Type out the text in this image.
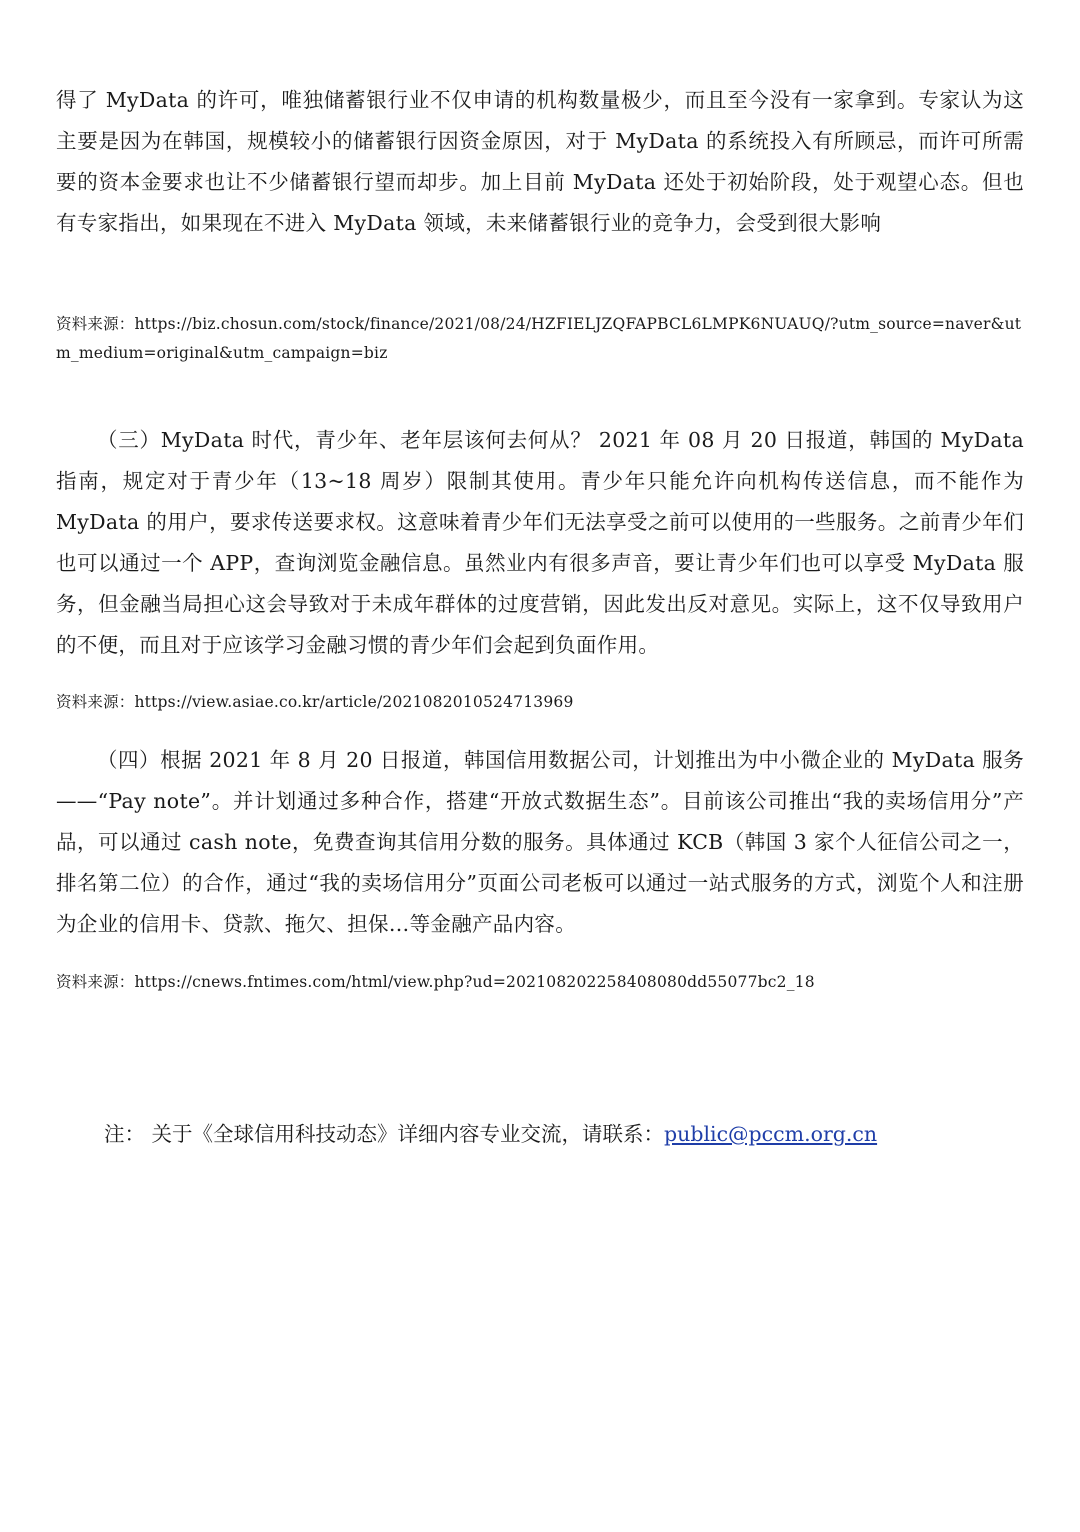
得了 MyData 的许可，唯独储蓄银行业不仅申请的机构数量极少，而且至今没有一家拿到。专家认为这主要是因为在韩国，规模较小的储蓄银行因资金原因，对于 MyData 的系统投入有所顾忌，而许可所需要的资本金要求也让不少储蓄银行望而却步。加上目前 MyData 还处于初始阶段，处于观望心态。但也有专家指出，如果现在不进入 MyData 领域，未来储蓄银行业的竞争力，会受到很大影响

资料来源：https://biz.chosun.com/stock/finance/2021/08/24/HZFIELJZQFAPBCL6LMPK6NUAUQ/?utm_source=naver&utm_medium=original&utm_campaign=biz

（三）MyData 时代，青少年、老年层该何去何从？ 2021 年 08 月 20 日报道，韩国的 MyData 指南，规定对于青少年（13~18 周岁）限制其使用。青少年只能允许向机构传送信息，而不能作为 MyData 的用户，要求传送要求权。这意味着青少年们无法享受之前可以使用的一些服务。之前青少年们也可以通过一个 APP，查询浏览金融信息。虽然业内有很多声音，要让青少年们也可以享受 MyData 服务，但金融当局担心这会导致对于未成年群体的过度营销，因此发出反对意见。实际上，这不仅导致用户的不便，而且对于应该学习金融习惯的青少年们会起到负面作用。

资料来源：https://view.asiae.co.kr/article/2021082010524713969

（四）根据 2021 年 8 月 20 日报道，韩国信用数据公司，计划推出为中小微企业的 MyData 服务——“Pay note”。并计划通过多种合作，搭建“开放式数据生态”。目前该公司推出“我的卖场信用分”产品，可以通过 cash note，免费查询其信用分数的服务。具体通过 KCB（韩国 3 家个人征信公司之一，排名第二位）的合作，通过“我的卖场信用分”页面公司老板可以通过一站式服务的方式，浏览个人和注册为企业的信用卡、贷款、拖欠、担保…等金融产品内容。

资料来源：https://cnews.fntimes.com/html/view.php?ud=202108202258408080dd55077bc2_18

注： 关于《全球信用科技动态》详细内容专业交流，请联系：public@pccm.org.cn
